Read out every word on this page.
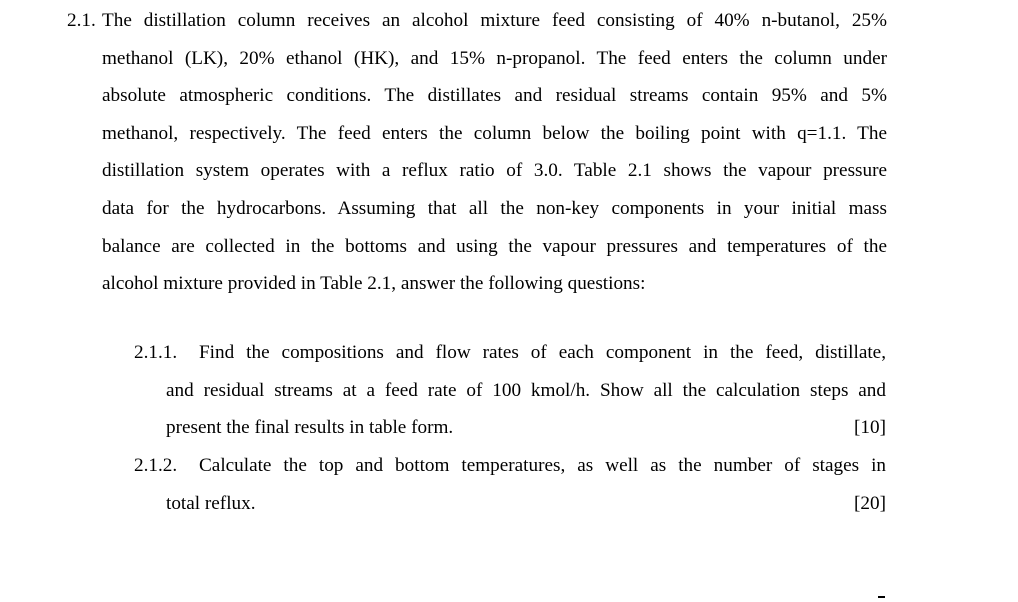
2.1. The distillation column receives an alcohol mixture feed consisting of 40% n-butanol, 25%
methanol (LK), 20% ethanol (HK), and 15% n-propanol. The feed enters the column under
absolute atmospheric conditions. The distillates and residual streams contain 95% and 5%
methanol, respectively. The feed enters the column below the boiling point with q=1.1. The
distillation system operates with a reflux ratio of 3.0. Table 2.1 shows the vapour pressure
data for the hydrocarbons. Assuming that all the non-key components in your initial mass
balance are collected in the bottoms and using the vapour pressures and temperatures of the
alcohol mixture provided in Table 2.1, answer the following questions:
2.1.1.	Find the compositions and flow rates of each component in the feed, distillate,
and residual streams at a feed rate of 100 kmol/h. Show all the calculation steps and
present the final results in table form.	[10]
2.1.2.	Calculate the top and bottom temperatures, as well as the number of stages in
total reflux.	[20]
